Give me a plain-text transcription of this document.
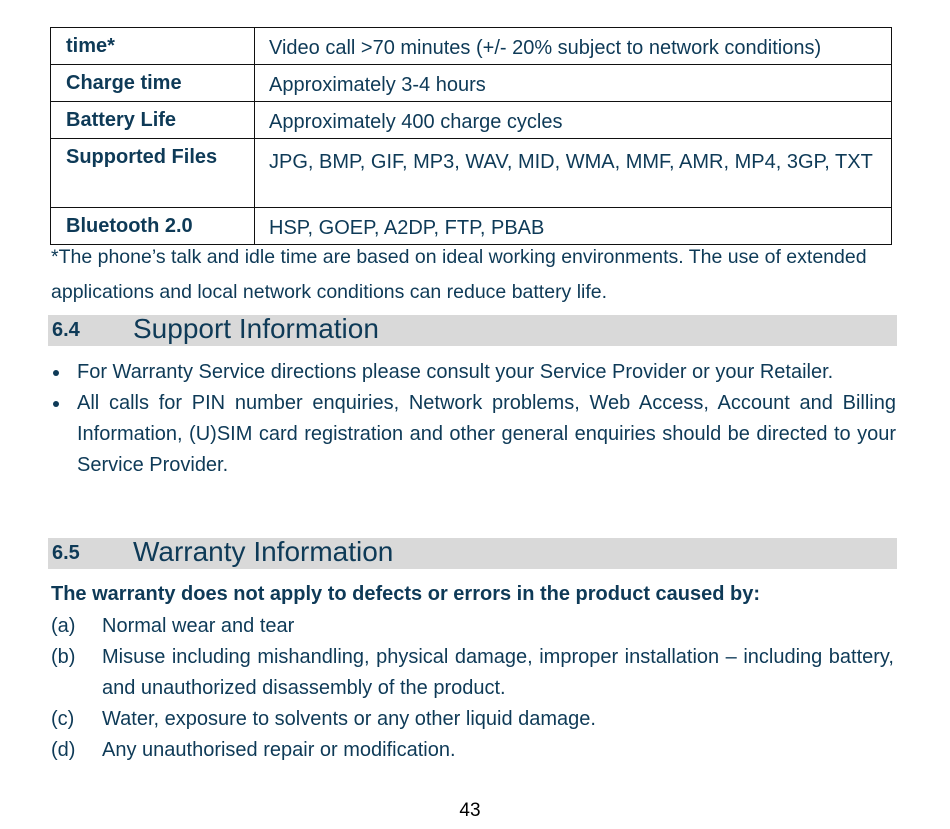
time*	Video call >70 minutes (+/- 20% subject to network conditions)
Charge time	Approximately 3-4 hours
Battery Life	Approximately 400 charge cycles
Supported Files	JPG, BMP, GIF, MP3, WAV, MID, WMA, MMF, AMR, MP4, 3GP, TXT
Bluetooth 2.0	HSP, GOEP, A2DP, FTP, PBAB
*The phone’s talk and idle time are based on ideal working environments. The use of extended applications and local network conditions can reduce battery life.
6.4 Support Information
For Warranty Service directions please consult your Service Provider or your Retailer.
All calls for PIN number enquiries, Network problems, Web Access, Account and Billing Information, (U)SIM card registration and other general enquiries should be directed to your Service Provider.
6.5 Warranty Information
The warranty does not apply to defects or errors in the product caused by:
(a) Normal wear and tear
(b) Misuse including mishandling, physical damage, improper installation – including battery, and unauthorized disassembly of the product.
(c) Water, exposure to solvents or any other liquid damage.
(d) Any unauthorised repair or modification.
43
